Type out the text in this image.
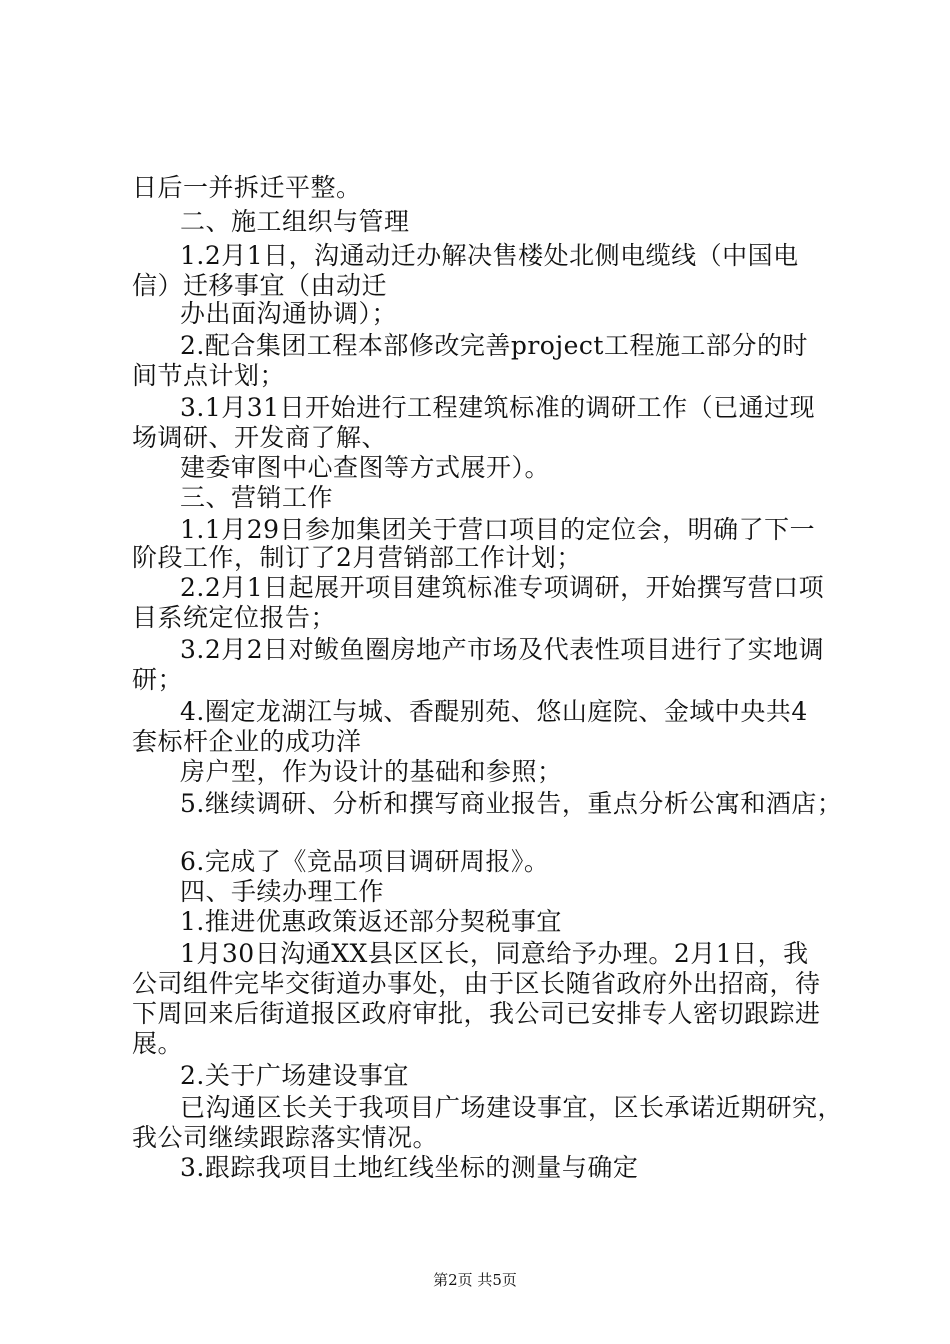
日后一并拆迁平整。
二、施工组织与管理
1.2月1日，沟通动迁办解决售楼处北侧电缆线（中国电
信）迁移事宜（由动迁
办出面沟通协调）；
2.配合集团工程本部修改完善project工程施工部分的时
间节点计划；
3.1月31日开始进行工程建筑标准的调研工作（已通过现
场调研、开发商了解、
建委审图中心查图等方式展开）。
三、营销工作
1.1月29日参加集团关于营口项目的定位会，明确了下一
阶段工作，制订了2月营销部工作计划；
2.2月1日起展开项目建筑标准专项调研，开始撰写营口项
目系统定位报告；
3.2月2日对鲅鱼圈房地产市场及代表性项目进行了实地调
研；
4.圈定龙湖江与城、香醍别苑、悠山庭院、金域中央共4
套标杆企业的成功洋
房户型，作为设计的基础和参照；
5.继续调研、分析和撰写商业报告，重点分析公寓和酒店；
6.完成了《竞品项目调研周报》。
四、手续办理工作
1.推进优惠政策返还部分契税事宜
1月30日沟通XX县区区长，同意给予办理。2月1日，我
公司组件完毕交街道办事处，由于区长随省政府外出招商，待
下周回来后街道报区政府审批，我公司已安排专人密切跟踪进
展。
2.关于广场建设事宜
已沟通区长关于我项目广场建设事宜，区长承诺近期研究，
我公司继续跟踪落实情况。
3.跟踪我项目土地红线坐标的测量与确定
第2页 共5页
